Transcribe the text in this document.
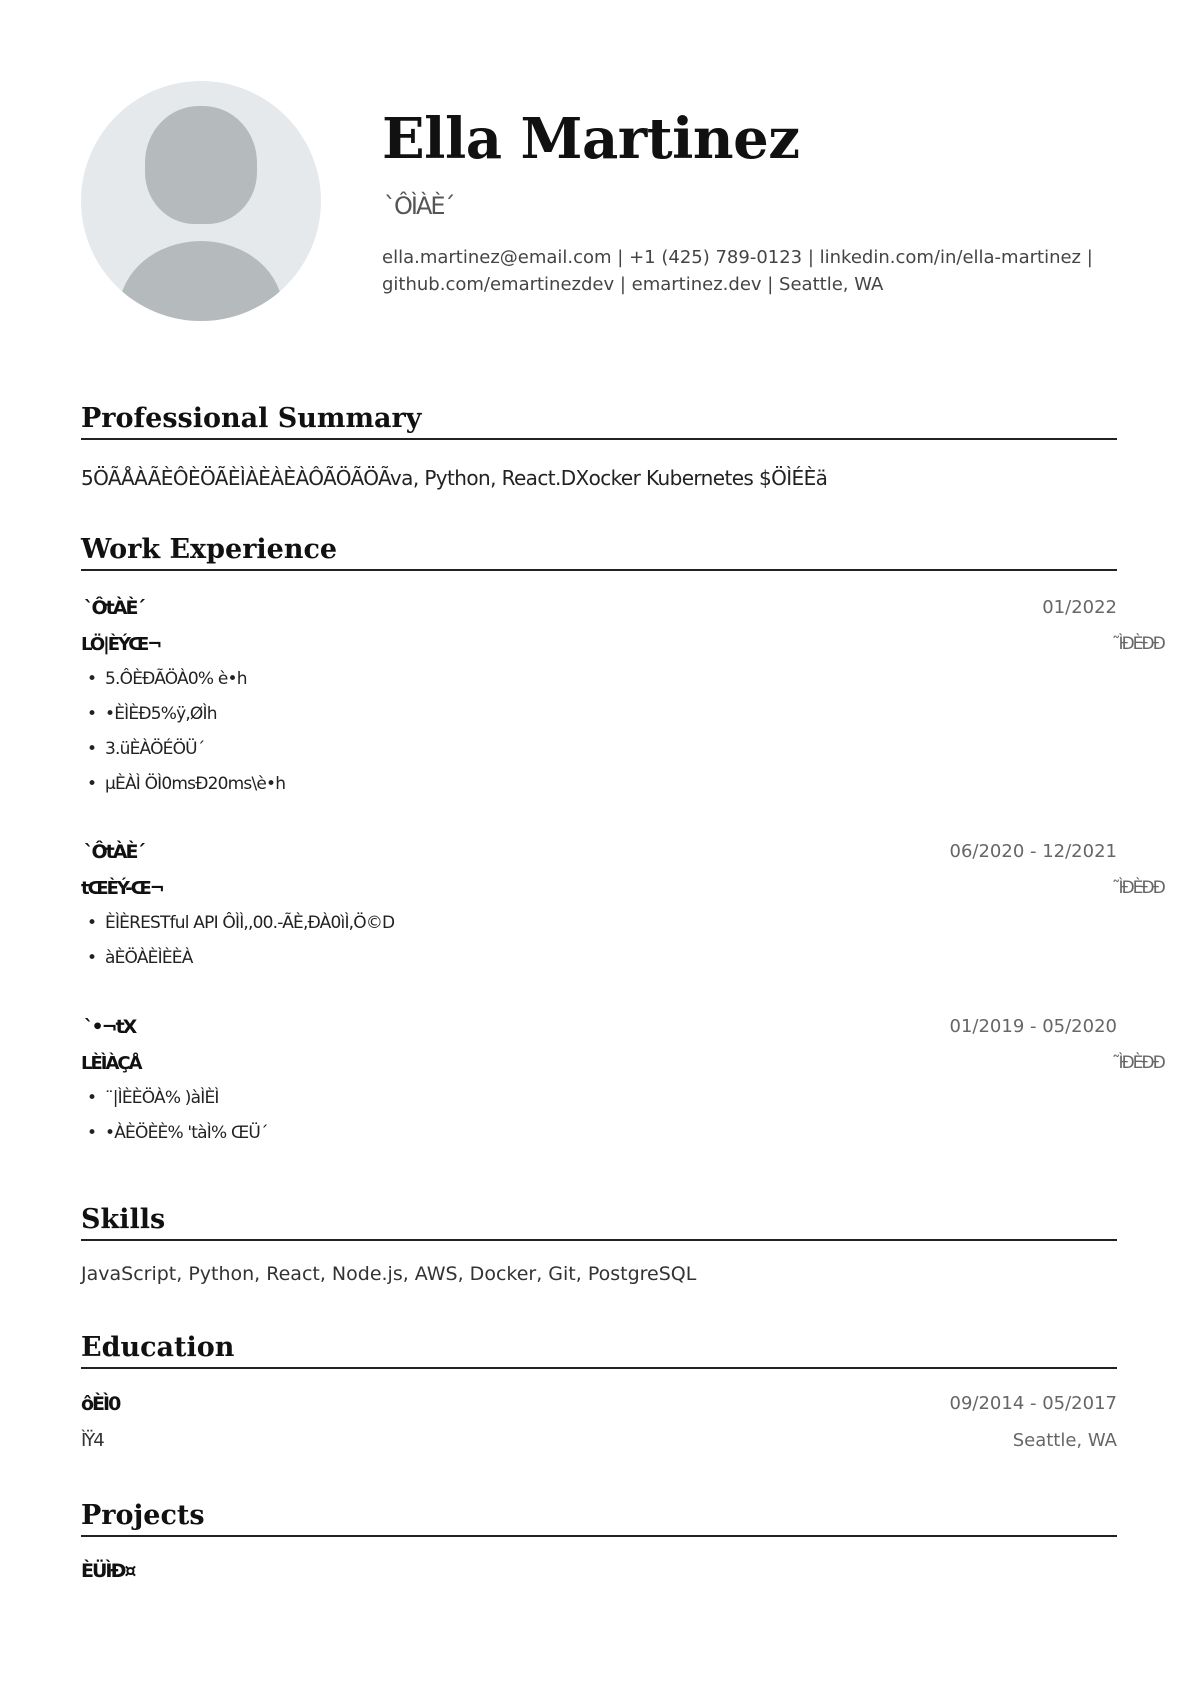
Ella Martinez
`ÔÌÀÈ´
ella.martinez@email.com | +1 (425) 789-0123 | linkedin.com/in/ella-martinez |
github.com/emartinezdev | emartinez.dev | Seattle, WA
Professional Summary
5ÖÃÅÀÃÈÔÈÖÃÈÌÀÈÀÈÀÔÃÖÃÖÃva, Python, React.DXocker Kubernetes $ÖÌÉÈä
Work Experience
`ÔtÀÈ´	01/2022
LÖ|ÈÝŒ¬	˜ÌÐÈÐÐ
• 5.ÔÈÐÃÖÀ0% è•h
• •ÈÌÈÐ5%ÿ,ØÌh
• 3.üÈÀÖÉÖÜ´
• µÈÀÌ ÖÌ0msÐ20ms\è•h
`ÔtÀÈ´	06/2020 - 12/2021
tŒÈÝ-Œ¬	˜ÌÐÈÐÐ
• ÈÌÈRESTful API ÔÌÌ,,00.-ÃÈ,ÐÀ0ìÌ,Ö©D
• àÈÖÀÈÌÈÈÀ
`•¬tX	01/2019 - 05/2020
LÈÌÀÇÅ	˜ÌÐÈÐÐ
• ¨|ÌÈÈÖÀ% )àÌÈÌ
• •ÀÈÖÈÈ% 'tàÌ% ŒÜ´
Skills
JavaScript, Python, React, Node.js, AWS, Docker, Git, PostgreSQL
Education
ôÈÌ0	09/2014 - 05/2017
ÌŸ4	Seattle, WA
Projects
ÈÜÌÐ¤
